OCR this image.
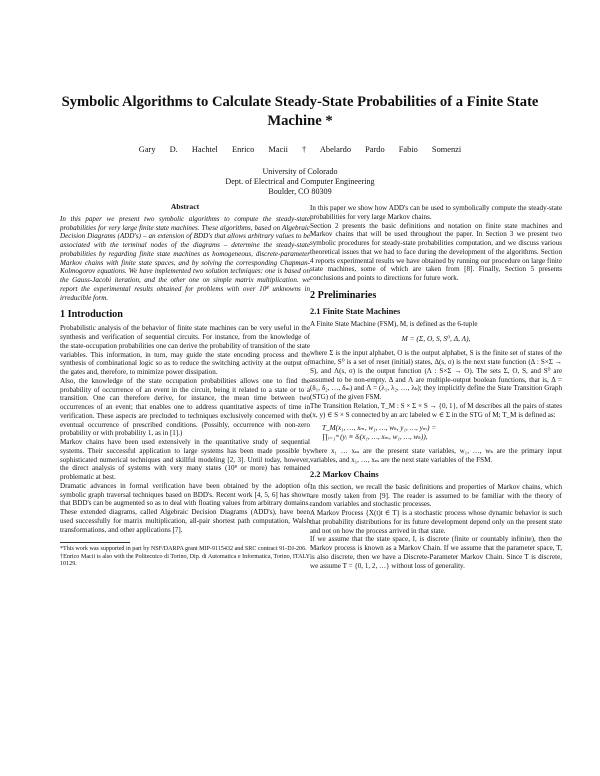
Symbolic Algorithms to Calculate Steady-State Probabilities of a Finite State Machine *
Gary D. Hachtel Enrico Macii † Abelardo Pardo Fabio Somenzi
University of Colorado
Dept. of Electrical and Computer Engineering
Boulder, CO 80309
Abstract

In this paper we present two symbolic algorithms to compute the steady-state probabilities for very large finite state machines. These algorithms, based on Algebraic Decision Diagrams (ADD's) – an extension of BDD's that allows arbitrary values to be associated with the terminal nodes of the diagrams – determine the steady-state probabilities by regarding finite state machines as homogeneous, discrete-parameter Markov chains with finite state spaces, and by solving the corresponding Chapman-Kolmogorov equations. We have implemented two solution techniques: one is based on the Gauss-Jacobi iteration, and the other one on simple matrix multiplication. we report the experimental results obtained for problems with over 10⁸ unknowns in irreducible form.

1 Introduction

Probabilistic analysis of the behavior of finite state machines can be very useful in the synthesis and verification of sequential circuits. For instance, from the knowledge of the state-occupation probabilities one can derive the probability of transition of the state variables. This information, in turn, may guide the state encoding process and the synthesis of combinational logic so as to reduce the switching activity at the output of the gates and, therefore, to minimize power dissipation.

Also, the knowledge of the state occupation probabilities allows one to find the probability of occurrence of an event in the circuit, being it related to a state or to a transition. One can therefore derive, for instance, the mean time between two occurrences of an event; that enables one to address quantitative aspects of time in verification. These aspects are precluded to techniques exclusively concerned with the eventual occurrence of prescribed conditions. (Possibly, occurrence with non-zero probability or with probability 1, as in [1].)

Markov chains have been used extensively in the quantitative study of sequential systems. Their successful application to large systems has been made possible by sophisticated numerical techniques and skillful modeling [2, 3]. Until today, however, the direct analysis of systems with very many states (10⁸ or more) has remained problematic at best.

Dramatic advances in formal verification have been obtained by the adoption of symbolic graph traversal techniques based on BDD's. Recent work [4, 5, 6] has shown that BDD's can be augmented so as to deal with floating values from arbitrary domains. These extended diagrams, called Algebraic Decision Diagrams (ADD's), have been used successfully for matrix multiplication, all-pair shortest path computation, Walsh transformations, and other applications [7].

*This work was supported in part by NSF/DARPA grant MIP-9115432 and SRC contract 91-DJ-206.

†Enrico Macii is also with the Politecnico di Torino, Dip. di Automatica e Informatica, Torino, ITALY 10129.

In this paper we show how ADD's can be used to symbolically compute the steady-state probabilities for very large Markov chains.

Section 2 presents the basic definitions and notation on finite state machines and Markov chains that will be used throughout the paper. In Section 3 we present two symbolic procedures for steady-state probabilities computation, and we discuss various theoretical issues that we had to face during the development of the algorithms. Section 4 reports experimental results we have obtained by running our procedure on large finite state machines, some of which are taken from [8]. Finally, Section 5 presents conclusions and points to directions for future work.

2 Preliminaries
2.1 Finite State Machines

A Finite State Machine (FSM), M, is defined as the 6-tuple

M = (Σ, O, S, S⁰, Δ, Λ),

where Σ is the input alphabet, O is the output alphabet, S is the finite set of states of the machine, S⁰ is a set of reset (initial) states, Δ(s, σ) is the next state function (Δ : S×Σ → S), and Λ(s, σ) is the output function (Λ : S×Σ → O). The sets Σ, O, S, and S⁰ are assumed to be non-empty. Δ and Λ are multiple-output boolean functions, that is, Δ = (δ₁, δ₂, …, δₘ) and Λ = (λ₁, λ₂, …, λₖ); they implicitly define the State Transition Graph (STG) of the given FSM.

The Transition Relation, T_M : S × Σ × S → {0, 1}, of M describes all the pairs of states (x, y) ∈ S × S connected by an arc labeled w ∈ Σ in the STG of M; T_M is defined as:

T_M(x₁, …, xₘ, w₁, …, wₖ, y₁, …, yₘ) =
∏ᵢ₌₁ᵐ (yᵢ ≡ δᵢ(x₁, …, xₘ, w₁, …, wₖ)),

where x₁ … xₘ are the present state variables, w₁, …, wₖ are the primary input variables, and x₁, …, xₘ are the next state variables of the FSM.

2.2 Markov Chains

In this section, we recall the basic definitions and properties of Markov chains, which are mostly taken from [9]. The reader is assumed to be familiar with the theory of random variables and stochastic processes.

A Markov Process {X(t)t ∈ T} is a stochastic process whose dynamic behavior is such that probability distributions for its future development depend only on the present state and not on how the process arrived in that state.

If we assume that the state space, I, is discrete (finite or countably infinite), then the Markov process is known as a Markov Chain. If we assume that the parameter space, T, is also discrete, then we have a Discrete-Parameter Markov Chain. Since T is discrete, we assume T = {0, 1, 2, …} without loss of generality.
